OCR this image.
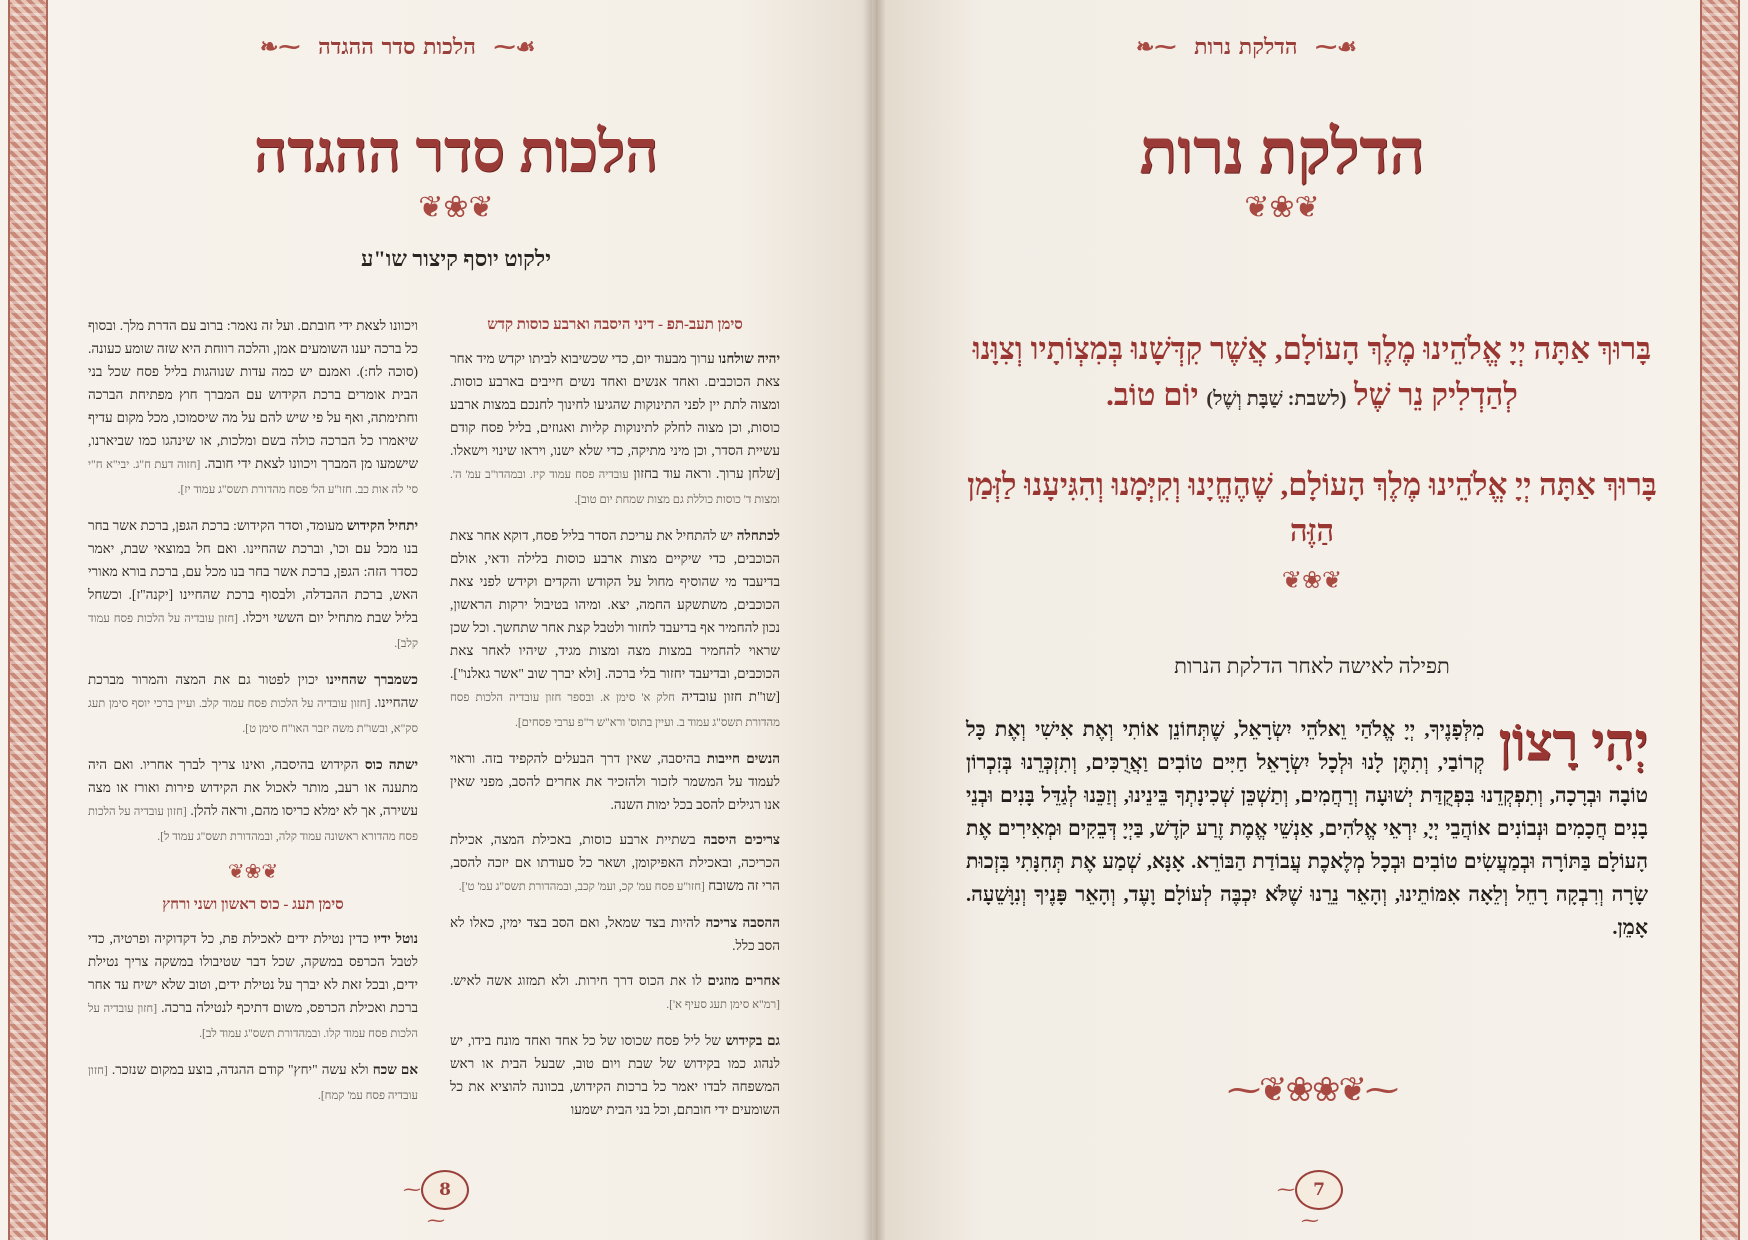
❧⁓ הלכות סדר ההגדה ⁓☙
הלכות סדר ההגדה
❦❀❦
ילקוט יוסף קיצור שו"ע
סימן תעב-תפ - דיני היסבה וארבע כוסות קדש

יהיה שולחנו ערוך מבעוד יום, כדי שכשיבוא לביתו יקדש מיד אחר צאת הכוכבים. ואחד אנשים ואחד נשים חייבים בארבע כוסות. ומצוה לתת יין לפני התינוקות שהגיעו לחינוך לחנכם במצות ארבע כוסות, וכן מצוה לחלק לתינוקות קליות ואגוזים, בליל פסח קודם עשיית הסדר, וכן מיני מתיקה, כדי שלא ישנו, ויראו שינוי וישאלו. [שלחן ערוך. וראה עוד בחזון עובדיה פסח עמוד קיז. ובמהדו"ב עמ' ה'. ומצות ד' כוסות כוללת גם מצות שמחת יום טוב].

לכתחלה יש להתחיל את עריכת הסדר בליל פסח, דוקא אחר צאת הכוכבים, כדי שיקיים מצות ארבע כוסות בלילה ודאי, אולם בדיעבד מי שהוסיף מחול על הקודש והקדים וקידש לפני צאת הכוכבים, משתשקע החמה, יצא. ומיהו בטיבול ירקות הראשון, נכון להחמיר אף בדיעבד לחזור ולטבל קצת אחר שתחשך. וכל שכן שראוי להחמיר במצות מצה ומצות מגיד, שיהיו לאחר צאת הכוכבים, ובדיעבד יחזור בלי ברכה. [ולא יברך שוב "אשר גאלנו"]. [שו"ת חזון עובדיה חלק א' סימן א. ובספר חזון עובדיה הלכות פסח מהדורת תשס"ג עמוד ב. ועיין בתוס' ורא"ש ר"פ ערבי פסחים].

הנשים חייבות בהיסבה, שאין דרך הבעלים להקפיד בזה. וראוי לעמוד על המשמר לזכור ולהזכיר את אחרים להסב, מפני שאין אנו רגילים להסב בכל ימות השנה.

צריכים היסבה בשתיית ארבע כוסות, באכילת המצה, אכילת הכריכה, ובאכילת האפיקומן, ושאר כל סעודתו אם יזכה להסב, הרי זה משובח [חזו"ע פסח עמ' קכ, ועמ' קכב, ובמהדורת תשס"ג עמ' ט'].

ההסבה צריכה להיות בצד שמאל, ואם הסב בצד ימין, כאלו לא הסב כלל.

אחרים מוזגים לו את הכוס דרך חירות. ולא תמזוג אשה לאיש. [רמ"א סימן תעג סעיף א'].

גם בקידוש של ליל פסח שכוסו של כל אחד ואחד מונח בידו, יש לנהוג כמו בקידוש של שבת ויום טוב, שבעל הבית או ראש המשפחה לבדו יאמר כל ברכות הקידוש, בכוונה להוציא את כל השומעים ידי חובתם, וכל בני הבית ישמעו

ויכוונו לצאת ידי חובתם. ועל זה נאמר: ברוב עם הדרת מלך. ובסוף כל ברכה יענו השומעים אמן, והלכה רווחת היא שזה שומע כעונה. (סוכה לח:). ואמנם יש כמה עדות שנוהגות בליל פסח שכל בני הבית אומרים ברכת הקידוש עם המברך חוץ מפתיחת הברכה וחתימתה, ואף על פי שיש להם על מה שיסמוכו, מכל מקום עדיף שיאמרו כל הברכה כולה בשם ומלכות, או שינהגו כמו שביארנו, שישמעו מן המברך ויכוונו לצאת ידי חובה. [חזוה דעת ח"ג. יבי"א ח"י סי' לה אות כב. חזו"ע הל' פסח מהדורת תשס"ג עמוד יז].

יתחיל הקידוש מעומד, וסדר הקידוש: ברכת הגפן, ברכת אשר בחר בנו מכל עם וכו', וברכת שהחיינו. ואם חל במוצאי שבת, יאמר כסדר הזה: הגפן, ברכת אשר בחר בנו מכל עם, ברכת בורא מאורי האש, ברכת ההבדלה, ולבסוף ברכת שהחיינו [יקנה"ז]. וכשחל בליל שבת מתחיל יום הששי ויכלו. [חזון עובדיה על הלכות פסח עמוד קלב].

כשמברך שהחיינו יכוין לפטור גם את המצה והמרור מברכת שהחיינו. [חזון עובדיה על הלכות פסח עמוד קלב. ועיין ברכי יוסף סימן תעג סק"א, ובשו"ת משה יזבר האו"ח סימן ט].

ישתה כוס הקידוש בהיסבה, ואינו צריך לברך אחריו. ואם היה מתענה או רעב, מותר לאכול את הקידוש פירות ואורז או מצה עשירה, אך לא ימלא כריסו מהם, וראה להלן. [חזון עובדיה על הלכות פסח מהדורא ראשונה עמוד קלה, ובמהדורת תשס"ג עמוד ל].

❦❀❦
סימן תעג - כוס ראשון ושני ורחץ

נוטל ידיו כדין נטילת ידים לאכילת פת, כל דקדוקיה ופרטיה, כדי לטבל הכרפס במשקה, שכל דבר שטיבולו במשקה צריך נטילת ידים, ובכל זאת לא יברך על נטילת ידים, וטוב שלא ישיח עד אחר ברכת ואכילת הכרפס, משום דתיכף לנטילה ברכה. [חזון עובדיה על הלכות פסח עמוד קלו. ובמהדורת תשס"ג עמוד לב].

אם שכח ולא עשה "יחץ" קודם ההגדה, בוצע במקום שנזכר. [חזון עובדיה פסח עמ' קמח].

⁓ 8⁓
❧⁓ הדלקת נרות ⁓☙
הדלקת נרות
❦❀❦
בָּרוּךְ אַתָּה יְיָ אֱלֹהֵינוּ מֶלֶךְ הָעוֹלָם, אֲשֶׁר קִדְּשָׁנוּ בְּמִצְוֹתָיו וְצִוָּנוּ לְהַדְלִיק נֵר שֶׁל (לשבת: שַׁבָּת וְשֶׁל) יוֹם טוֹב.
בָּרוּךְ אַתָּה יְיָ אֱלֹהֵינוּ מֶלֶךְ הָעוֹלָם, שֶׁהֶחֱיָנוּ וְקִיְּמָנוּ וְהִגִּיעָנוּ לַזְּמַן הַזֶּה
❦❀❦
תפילה לאישה לאחר הדלקת הנרות
יְהִי רָצוֹן
מִלְּפָנֶיךָ, יְיָ אֱלֹהַי וֵאלֹהֵי יִשְׂרָאֵל, שֶׁתְּחוֹנֵן אוֹתִי וְאֶת אִישִׁי וְאֶת כָּל קְרוֹבַי, וְתִתֶּן לָנוּ וּלְכָל יִשְׂרָאֵל חַיִּים טוֹבִים וַאֲרֻכִּים, וְתִזְכְּרֵנוּ בְּזִכְרוֹן טוֹבָה וּבְרָכָה, וְתִפְקְדֵנוּ בִּפְקֻדַּת יְשׁוּעָה וְרַחֲמִים, וְתַשְׁכֵּן שְׁכִינָתְךָ בֵּינֵינוּ, וְזַכֵּנוּ לְגַדֵּל בָּנִים וּבְנֵי בָנִים חֲכָמִים וּנְבוֹנִים אוֹהֲבֵי יְיָ, יִרְאֵי אֱלֹהִים, אַנְשֵׁי אֱמֶת זֶרַע קֹדֶשׁ, בַּיְיָ דְּבֵקִים וּמְאִירִים אֶת הָעוֹלָם בַּתּוֹרָה וּבְמַעֲשִׂים טוֹבִים וּבְכָל מְלֶאכֶת עֲבוֹדַת הַבּוֹרֵא. אָנָּא, שְׁמַע אֶת תְּחִנָּתִי בִּזְכוּת שָׂרָה וְרִבְקָה רָחֵל וְלֵאָה אִמּוֹתֵינוּ, וְהָאֵר נֵרֵנוּ שֶׁלֹּא יִכְבֶּה לְעוֹלָם וָעֶד, וְהָאֵר פָּנֶיךָ וְנִוָּשֵׁעָה. אָמֵן.
⁓❦❀❀❦⁓
⁓ 7⁓
